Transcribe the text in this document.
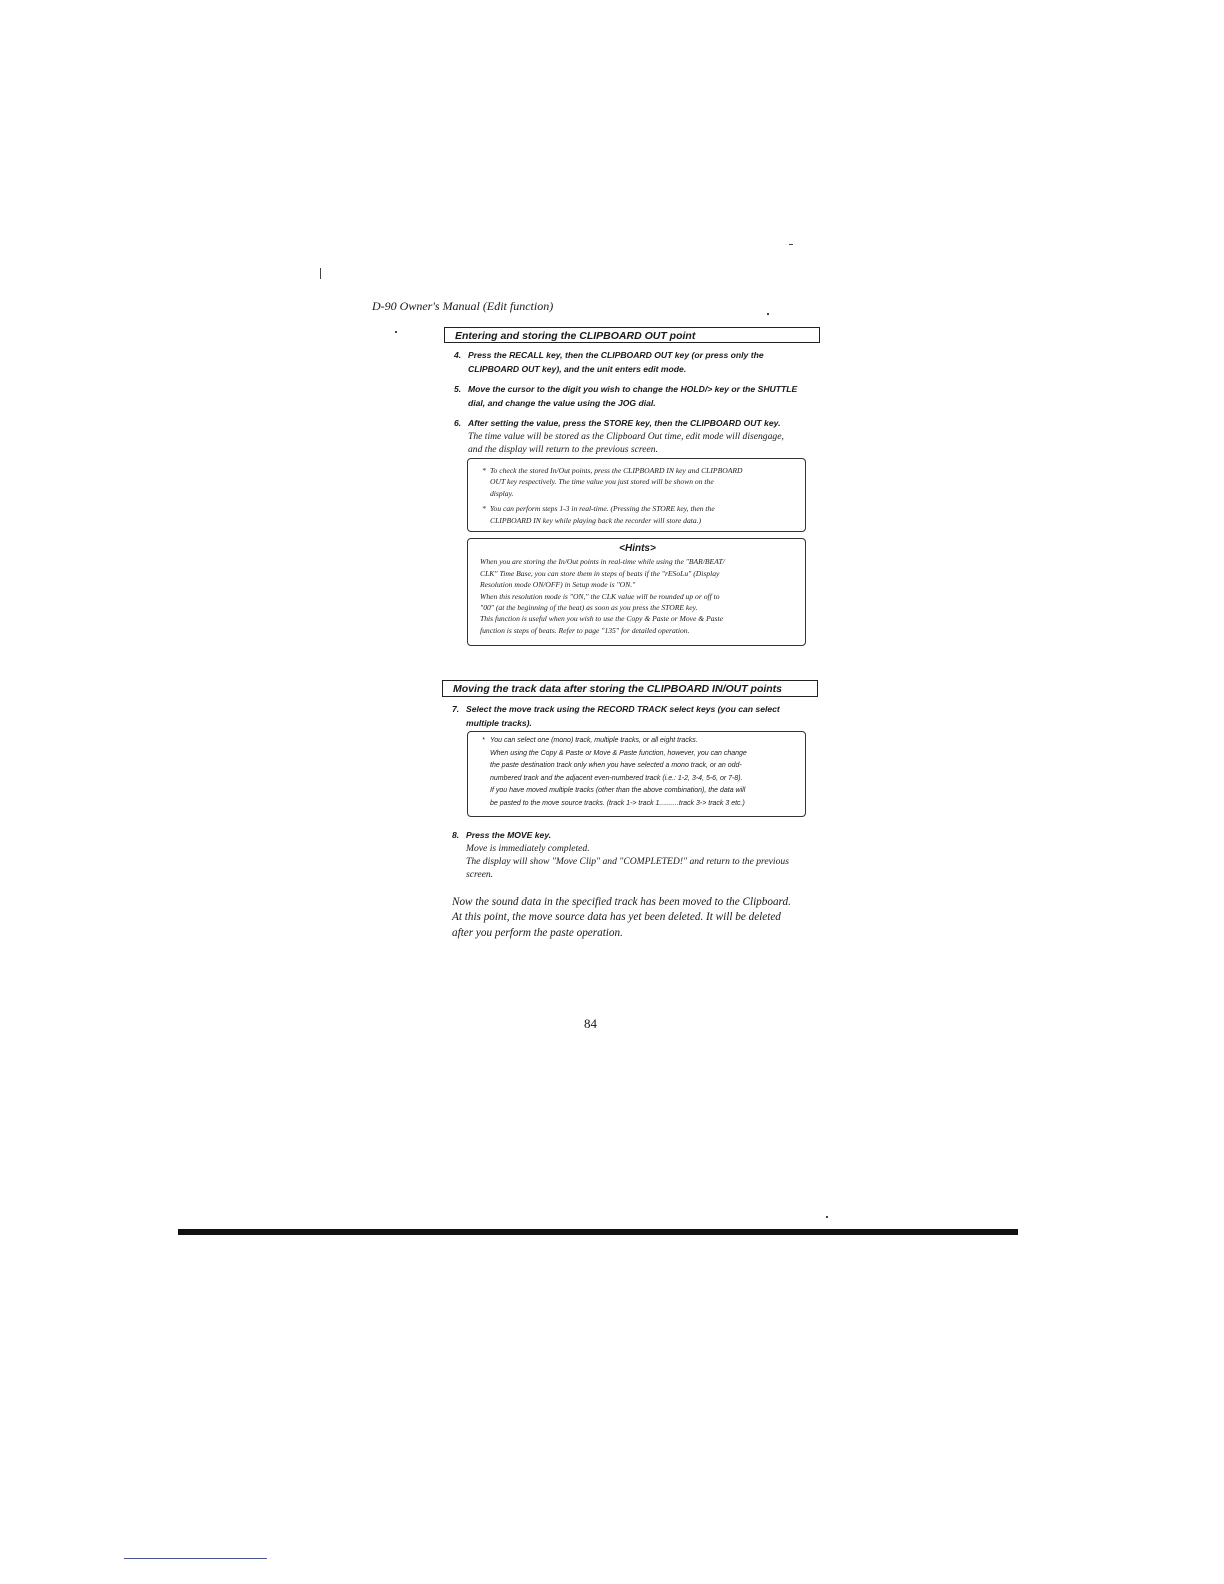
D-90 Owner's Manual (Edit function)
Entering and storing the CLIPBOARD OUT point
4. Press the RECALL key, then the CLIPBOARD OUT key (or press only the
CLIPBOARD OUT key), and the unit enters edit mode.
5. Move the cursor to the digit you wish to change the HOLD/> key or the SHUTTLE
dial, and change the value using the JOG dial.
6. After setting the value, press the STORE key, then the CLIPBOARD OUT key.
The time value will be stored as the Clipboard Out time, edit mode will disengage,
and the display will return to the previous screen.

* To check the stored In/Out points, press the CLIPBOARD IN key and CLIPBOARD
OUT key respectively. The time value you just stored will be shown on the
display.

* You can perform steps 1-3 in real-time. (Pressing the STORE key, then the
CLIPBOARD IN key while playing back the recorder will store data.)

<Hints>
When you are storing the In/Out points in real-time while using the "BAR/BEAT/
CLK" Time Base, you can store them in steps of beats if the "rESoLu" (Display
Resolution mode ON/OFF) in Setup mode is "ON."
When this resolution mode is "ON," the CLK value will be rounded up or off to
"00" (at the beginning of the beat) as soon as you press the STORE key.
This function is useful when you wish to use the Copy & Paste or Move & Paste
function is steps of beats. Refer to page "135" for detailed operation.
Moving the track data after storing the CLIPBOARD IN/OUT points
7. Select the move track using the RECORD TRACK select keys (you can select
multiple tracks).
* You can select one (mono) track, multiple tracks, or all eight tracks.
When using the Copy & Paste or Move & Paste function, however, you can change
the paste destination track only when you have selected a mono track, or an odd-
numbered track and the adjacent even-numbered track (i.e.: 1-2, 3-4, 5-6, or 7-8).
If you have moved multiple tracks (other than the above combination), the data will
be pasted to the move source tracks. (track 1-> track 1..........track 3-> track 3 etc.)
8. Press the MOVE key.
Move is immediately completed.
The display will show "Move Clip" and "COMPLETED!" and return to the previous
screen.
Now the sound data in the specified track has been moved to the Clipboard.
At this point, the move source data has yet been deleted. It will be deleted
after you perform the paste operation.
84
